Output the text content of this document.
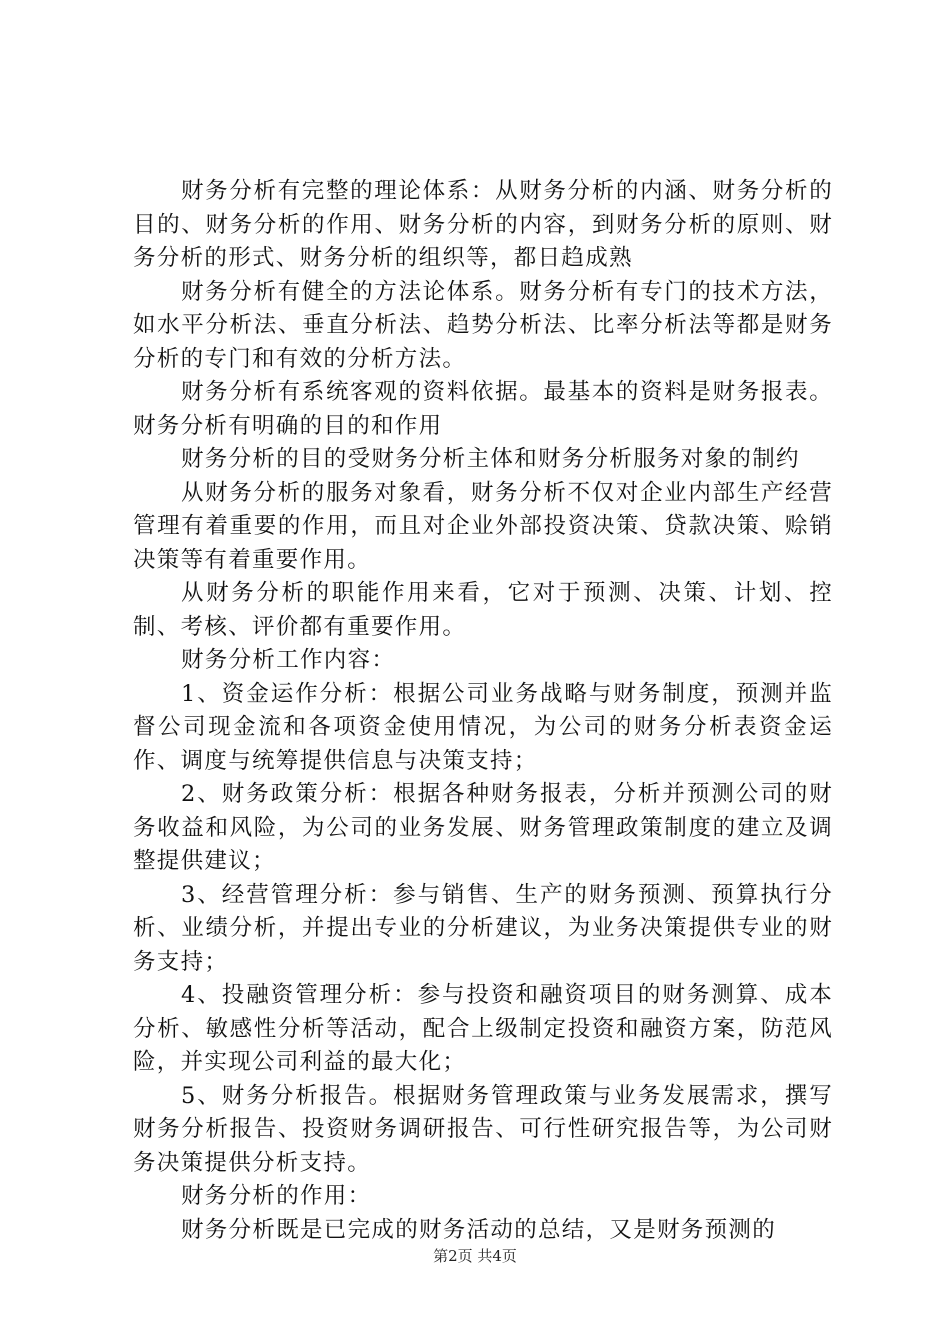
财务分析有完整的理论体系：从财务分析的内涵、财务分析的目的、财务分析的作用、财务分析的内容，到财务分析的原则、财务分析的形式、财务分析的组织等，都日趋成熟

财务分析有健全的方法论体系。财务分析有专门的技术方法，如水平分析法、垂直分析法、趋势分析法、比率分析法等都是财务分析的专门和有效的分析方法。

财务分析有系统客观的资料依据。最基本的资料是财务报表。财务分析有明确的目的和作用

财务分析的目的受财务分析主体和财务分析服务对象的制约

从财务分析的服务对象看，财务分析不仅对企业内部生产经营管理有着重要的作用，而且对企业外部投资决策、贷款决策、赊销决策等有着重要作用。

从财务分析的职能作用来看，它对于预测、决策、计划、控制、考核、评价都有重要作用。

财务分析工作内容：

1、资金运作分析：根据公司业务战略与财务制度，预测并监督公司现金流和各项资金使用情况，为公司的财务分析表资金运作、调度与统筹提供信息与决策支持；

2、财务政策分析：根据各种财务报表，分析并预测公司的财务收益和风险，为公司的业务发展、财务管理政策制度的建立及调整提供建议；

3、经营管理分析：参与销售、生产的财务预测、预算执行分析、业绩分析，并提出专业的分析建议，为业务决策提供专业的财务支持；

4、投融资管理分析：参与投资和融资项目的财务测算、成本分析、敏感性分析等活动，配合上级制定投资和融资方案，防范风险，并实现公司利益的最大化；

5、财务分析报告。根据财务管理政策与业务发展需求，撰写财务分析报告、投资财务调研报告、可行性研究报告等，为公司财务决策提供分析支持。

财务分析的作用：

财务分析既是已完成的财务活动的总结，又是财务预测的

第2页 共4页
